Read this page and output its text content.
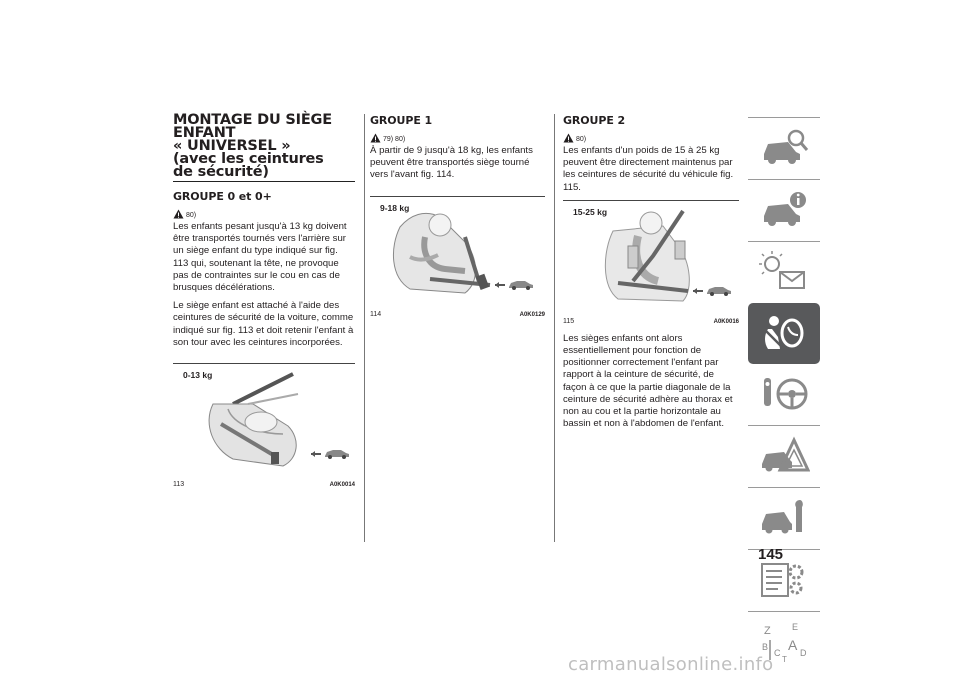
MONTAGE DU SIÈGE
ENFANT
« UNIVERSEL »
(avec les ceintures
de sécurité)
GROUPE 0 et 0+
80)

Les enfants pesant jusqu'à 13 kg doivent être transportés tournés vers l'arrière sur un siège enfant du type indiqué sur fig. 113 qui, soutenant la tête, ne provoque pas de contraintes sur le cou en cas de brusques décélérations.

Le siège enfant est attaché à l'aide des ceintures de sécurité de la voiture, comme indiqué sur fig. 113 et doit retenir l'enfant à son tour avec les ceintures incorporées.

0-13 kg
113	A0K0014
GROUPE 1
79) 80)

À partir de 9 jusqu'à 18 kg, les enfants peuvent être transportés siège tourné vers l'avant fig. 114.

9-18 kg
114	A0K0129
GROUPE 2
80)

Les enfants d'un poids de 15 à 25 kg peuvent être directement maintenus par les ceintures de sécurité du véhicule fig. 115.

15-25 kg
115	A0K0016

Les sièges enfants ont alors essentiellement pour fonction de positionner correctement l'enfant par rapport à la ceinture de sécurité, de façon à ce que la partie diagonale de la ceinture de sécurité adhère au thorax et non au cou et la partie horizontale au bassin et non à l'abdomen de l'enfant.

Z E
B A
C D
T
145
carmanualsonline.info
